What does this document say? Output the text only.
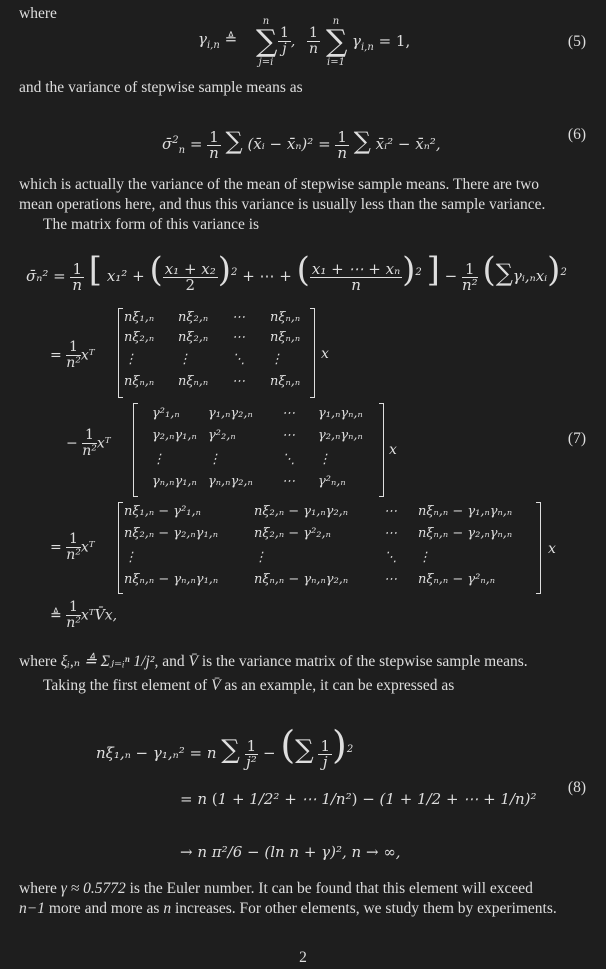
where
$\gamma_{i,n}$ ≜
n
∑
j=i
$\frac{1}{j}$ , $\frac{1}{n}$
n
∑
i=1
$\gamma_{i,n} = 1$,	(5)
and the variance of stepwise sample means as
σ̄$^2_n$ = $\frac{1}{n}$ ∑ (x̄ᵢ − x̄̄ₙ)² = $\frac{1}{n}$ ∑ x̄ᵢ² − x̄̄ₙ²,
(6)
which is actually the variance of the mean of stepwise sample means. There are two
mean operations here, and thus this variance is usually less than the sample variance.
The matrix form of this variance is
σ̄ₙ² = $\frac{1}{n}$ [ x₁² + ( $\frac{\text{x₁ + x₂}}{2} )^2$ + ⋯ + ( $\frac{\text{x₁ + ⋯ + xₙ}}{n} )^2$ ] − $\frac{1}{\text{n²}}$ (∑γᵢ,ₙxᵢ)$^2$
= $\frac{1}{\text{n²}}$ xᵀ
nξ₁,ₙ nξ₂,ₙ ⋯ nξₙ,ₙ
nξ₂,ₙ nξ₂,ₙ ⋯ nξₙ,ₙ
⋮	⋮	⋱ ⋮
nξₙ,ₙ nξₙ,ₙ ⋯ nξₙ,ₙ
x
− $\frac{1}{\text{n²}}$ xᵀ
γ²₁,ₙ γ₁,ₙγ₂,ₙ ⋯ γ₁,ₙγₙ,ₙ
γ₂,ₙγ₁,ₙ γ²₂,ₙ	⋯ γ₂,ₙγₙ,ₙ
⋮	⋮	⋱ ⋮
γₙ,ₙγ₁,ₙ γₙ,ₙγ₂,ₙ ⋯ γ²ₙ,ₙ
x
(7)
= $\frac{1}{\text{n²}}$ xᵀ
nξ₁,ₙ − γ²₁,ₙ	nξ₂,ₙ − γ₁,ₙγ₂,ₙ	⋯ nξₙ,ₙ − γ₁,ₙγₙ,ₙ
nξ₂,ₙ − γ₂,ₙγ₁,ₙ	nξ₂,ₙ − γ²₂,ₙ	⋯ nξₙ,ₙ − γ₂,ₙγₙ,ₙ
⋮	⋮	⋱ ⋮
nξₙ,ₙ − γₙ,ₙγ₁,ₙ	nξₙ,ₙ − γₙ,ₙγ₂,ₙ	⋯ nξₙ,ₙ − γ²ₙ,ₙ
x
≜ $\frac{1}{\text{n²}}$ xᵀV̄x,
where ξᵢ,ₙ ≜ Σⱼ₌ᵢⁿ 1/j², and V̄ is the variance matrix of the stepwise sample means.
Taking the first element of V̄ as an example, it can be expressed as
nξ₁,ₙ − γ₁,ₙ² = n ∑ $\frac{1}{\text{j²}}$ − (∑ $\frac{1}{j} )^2$
= n (1 + 1/2² + ⋯ 1/n²) − (1 + 1/2 + ⋯ + 1/n)²
(8)
→ n π²/6 − (ln n + γ)², n → ∞,
where γ ≈ 0.5772 is the Euler number. It can be found that this element will exceed
n−1 more and more as n increases. For other elements, we study them by experiments.
2
